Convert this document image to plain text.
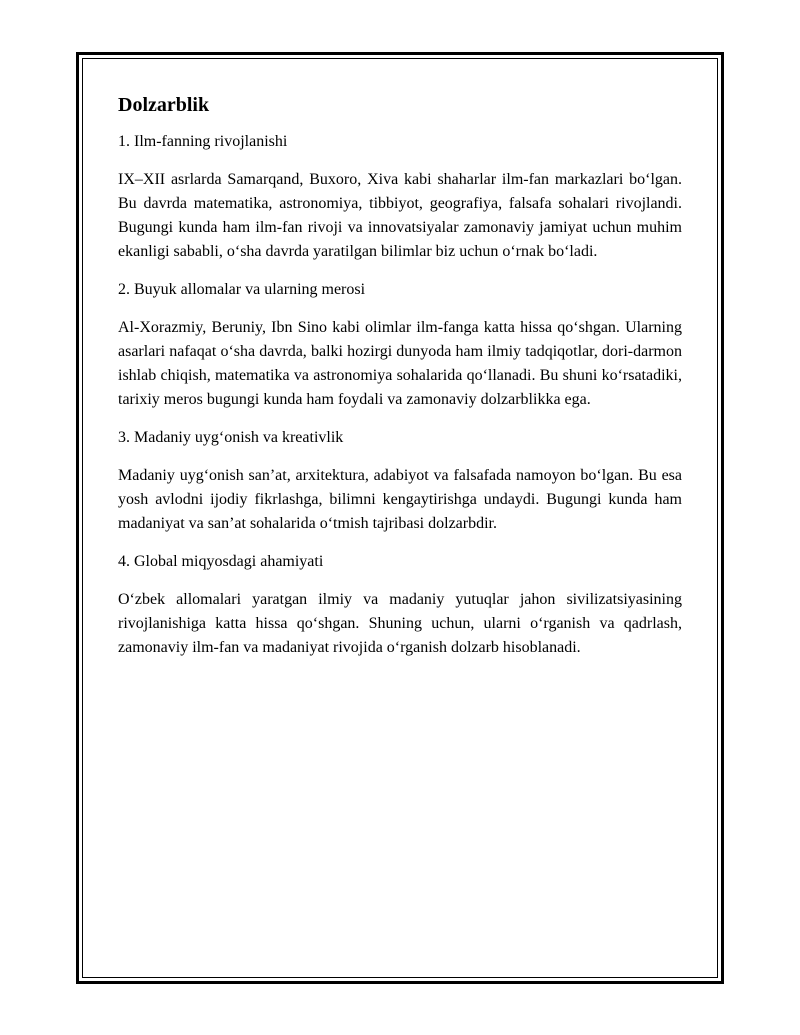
Dolzarblik

1. Ilm-fanning rivojlanishi

IX–XII asrlarda Samarqand, Buxoro, Xiva kabi shaharlar ilm-fan markazlari bo‘lgan. Bu davrda matematika, astronomiya, tibbiyot, geografiya, falsafa sohalari rivojlandi. Bugungi kunda ham ilm-fan rivoji va innovatsiyalar zamonaviy jamiyat uchun muhim ekanligi sababli, o‘sha davrda yaratilgan bilimlar biz uchun o‘rnak bo‘ladi.

2. Buyuk allomalar va ularning merosi

Al-Xorazmiy, Beruniy, Ibn Sino kabi olimlar ilm-fanga katta hissa qo‘shgan. Ularning asarlari nafaqat o‘sha davrda, balki hozirgi dunyoda ham ilmiy tadqiqotlar, dori-darmon ishlab chiqish, matematika va astronomiya sohalarida qo‘llanadi. Bu shuni ko‘rsatadiki, tarixiy meros bugungi kunda ham foydali va zamonaviy dolzarblikka ega.

3. Madaniy uyg‘onish va kreativlik

Madaniy uyg‘onish san’at, arxitektura, adabiyot va falsafada namoyon bo‘lgan. Bu esa yosh avlodni ijodiy fikrlashga, bilimni kengaytirishga undaydi. Bugungi kunda ham madaniyat va san’at sohalarida o‘tmish tajribasi dolzarbdir.

4. Global miqyosdagi ahamiyati

O‘zbek allomalari yaratgan ilmiy va madaniy yutuqlar jahon sivilizatsiyasining rivojlanishiga katta hissa qo‘shgan. Shuning uchun, ularni o‘rganish va qadrlash, zamonaviy ilm-fan va madaniyat rivojida o‘rganish dolzarb hisoblanadi.
